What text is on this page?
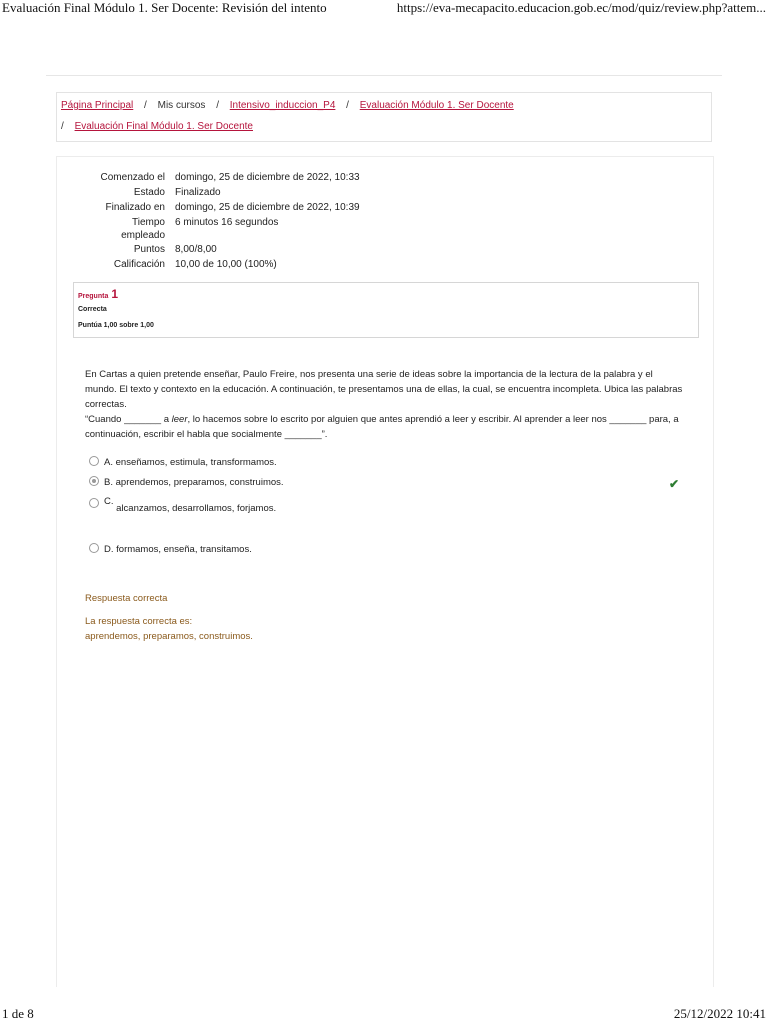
Evaluación Final Módulo 1. Ser Docente: Revisión del intento	https://eva-mecapacito.educacion.gob.ec/mod/quiz/review.php?attem...
Página Principal / Mis cursos / Intensivo_induccion_P4 / Evaluación Módulo 1. Ser Docente
/ Evaluación Final Módulo 1. Ser Docente
Comenzado el domingo, 25 de diciembre de 2022, 10:33
Estado Finalizado
Finalizado en domingo, 25 de diciembre de 2022, 10:39
Tiempo empleado
6 minutos 16 segundos
Puntos 8,00/8,00
Calificación 10,00 de 10,00 (100%)
Pregunta 1
Correcta
Puntúa 1,00 sobre 1,00

En Cartas a quien pretende enseñar, Paulo Freire, nos presenta una serie de ideas sobre la importancia de la lectura de la palabra y el mundo. El texto y contexto en la educación. A continuación, te presentamos una de ellas, la cual, se encuentra incompleta. Ubica las palabras correctas.

“Cuando _______ a leer, lo hacemos sobre lo escrito por alguien que antes aprendió a leer y escribir. Al aprender a leer nos _______ para, a continuación, escribir el habla que socialmente _______”.

A. enseñamos, estimula, transformamos.
B. aprendemos, preparamos, construimos.	✔
C. alcanzamos, desarrollamos, forjamos.
D. formamos, enseña, transitamos.
Respuesta correcta
La respuesta correcta es:
aprendemos, preparamos, construimos.
1 de 8	25/12/2022 10:41
